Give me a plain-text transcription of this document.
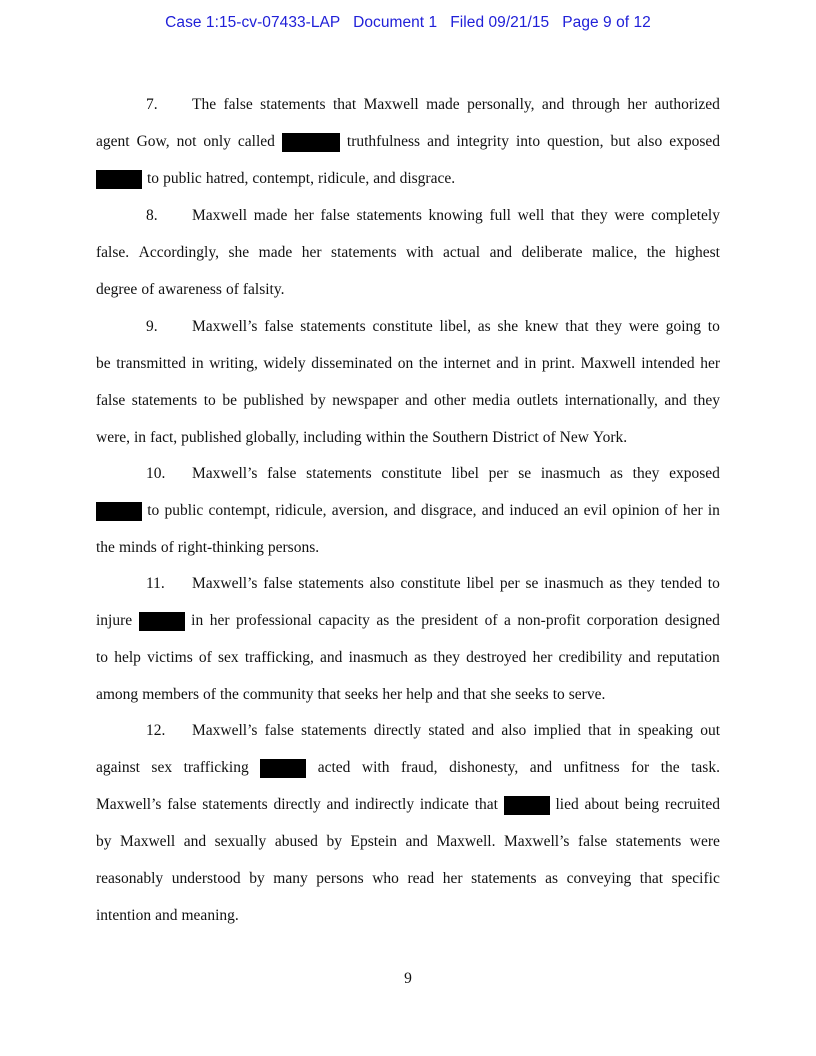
Case 1:15-cv-07433-LAP Document 1 Filed 09/21/15 Page 9 of 12
7. The false statements that Maxwell made personally, and through her authorized
agent Gow, not only called	truthfulness and integrity into question, but also exposed
to public hatred, contempt, ridicule, and disgrace.
8. Maxwell made her false statements knowing full well that they were completely
false. Accordingly, she made her statements with actual and deliberate malice, the highest
degree of awareness of falsity.
9. Maxwell’s false statements constitute libel, as she knew that they were going to
be transmitted in writing, widely disseminated on the internet and in print. Maxwell intended her
false statements to be published by newspaper and other media outlets internationally, and they
were, in fact, published globally, including within the Southern District of New York.
10. Maxwell’s false statements constitute libel per se inasmuch as they exposed
to public contempt, ridicule, aversion, and disgrace, and induced an evil opinion of her in
the minds of right-thinking persons.
11. Maxwell’s false statements also constitute libel per se inasmuch as they tended to
injure	in her professional capacity as the president of a non-profit corporation designed
to help victims of sex trafficking, and inasmuch as they destroyed her credibility and reputation
among members of the community that seeks her help and that she seeks to serve.
12. Maxwell’s false statements directly stated and also implied that in speaking out
against sex trafficking	acted with fraud, dishonesty, and unfitness for the task.
Maxwell’s false statements directly and indirectly indicate that	lied about being recruited
by Maxwell and sexually abused by Epstein and Maxwell. Maxwell’s false statements were
reasonably understood by many persons who read her statements as conveying that specific
intention and meaning.
9
